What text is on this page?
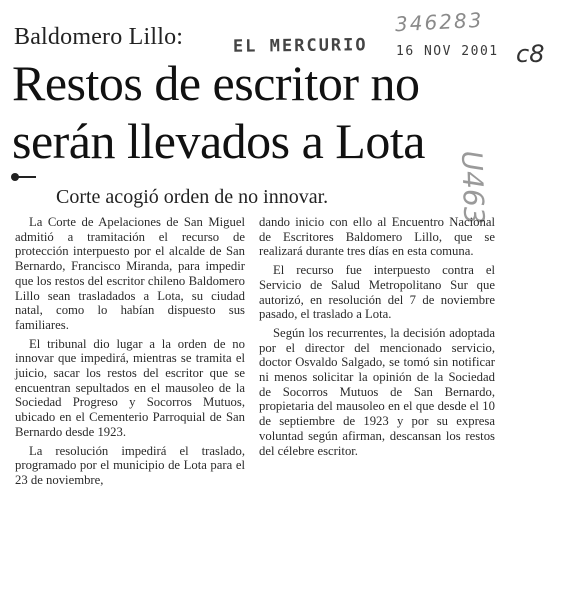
346283
Baldomero Lillo:	EL MERCURIO 16 NOV 2001 c8
U463
Restos de escritor no serán llevados a Lota
Corte acogió orden de no innovar.

La Corte de Apelaciones de San Miguel admitió a tramitación el recurso de protección interpuesto por el alcalde de San Bernardo, Francisco Miranda, para impedir que los restos del escritor chileno Baldomero Lillo sean trasladados a Lota, su ciudad natal, como lo habían dispuesto sus familiares.

El tribunal dio lugar a la orden de no innovar que impedirá, mientras se tramita el juicio, sacar los restos del escritor que se encuentran sepultados en el mausoleo de la Sociedad Progreso y Socorros Mutuos, ubicado en el Cementerio Parroquial de San Bernardo desde 1923.

La resolución impedirá el traslado, programado por el municipio de Lota para el 23 de noviembre,

dando inicio con ello al Encuentro Nacional de Escritores Baldomero Lillo, que se realizará durante tres días en esta comuna.

El recurso fue interpuesto contra el Servicio de Salud Metropolitano Sur que autorizó, en resolución del 7 de noviembre pasado, el traslado a Lota.

Según los recurrentes, la decisión adoptada por el director del mencionado servicio, doctor Osvaldo Salgado, se tomó sin notificar ni menos solicitar la opinión de la Sociedad de Socorros Mutuos de San Bernardo, propietaria del mausoleo en el que desde el 10 de septiembre de 1923 y por su expresa voluntad según afirman, descansan los restos del célebre escritor.
